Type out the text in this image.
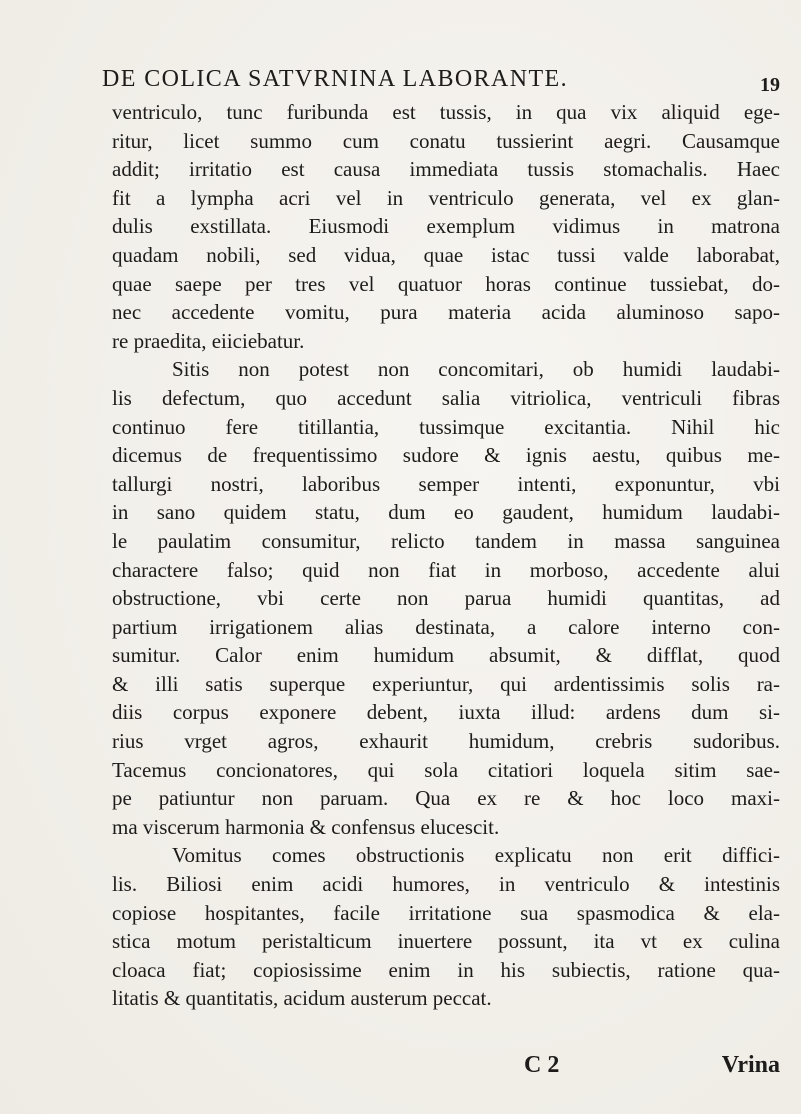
DE COLICA SATVRNINA LABORANTE.	19
ventriculo, tunc furibunda est tussis, in qua vix aliquid ege-
ritur, licet summo cum conatu tussierint aegri. Causamque
addit; irritatio est causa immediata tussis stomachalis. Haec
fit a lympha acri vel in ventriculo generata, vel ex glan-
dulis exstillata. Eiusmodi exemplum vidimus in matrona
quadam nobili, sed vidua, quae istac tussi valde laborabat,
quae saepe per tres vel quatuor horas continue tussiebat, do-
nec accedente vomitu, pura materia acida aluminoso sapo-
re praedita, eiiciebatur.
Sitis non potest non concomitari, ob humidi laudabi-
lis defectum, quo accedunt salia vitriolica, ventriculi fibras
continuo fere titillantia, tussimque excitantia. Nihil hic
dicemus de frequentissimo sudore & ignis aestu, quibus me-
tallurgi nostri, laboribus semper intenti, exponuntur, vbi
in sano quidem statu, dum eo gaudent, humidum laudabi-
le paulatim consumitur, relicto tandem in massa sanguinea
charactere falso; quid non fiat in morboso, accedente alui
obstructione, vbi certe non parua humidi quantitas, ad
partium irrigationem alias destinata, a calore interno con-
sumitur. Calor enim humidum absumit, & difflat, quod
& illi satis superque experiuntur, qui ardentissimis solis ra-
diis corpus exponere debent, iuxta illud: ardens dum si-
rius vrget agros, exhaurit humidum, crebris sudoribus.
Tacemus concionatores, qui sola citatiori loquela sitim sae-
pe patiuntur non paruam. Qua ex re & hoc loco maxi-
ma viscerum harmonia & confensus elucescit.
Vomitus comes obstructionis explicatu non erit diffici-
lis. Biliosi enim acidi humores, in ventriculo & intestinis
copiose hospitantes, facile irritatione sua spasmodica & ela-
stica motum peristalticum inuertere possunt, ita vt ex culina
cloaca fiat; copiosissime enim in his subiectis, ratione qua-
litatis & quantitatis, acidum austerum peccat.
C 2	Vrina
